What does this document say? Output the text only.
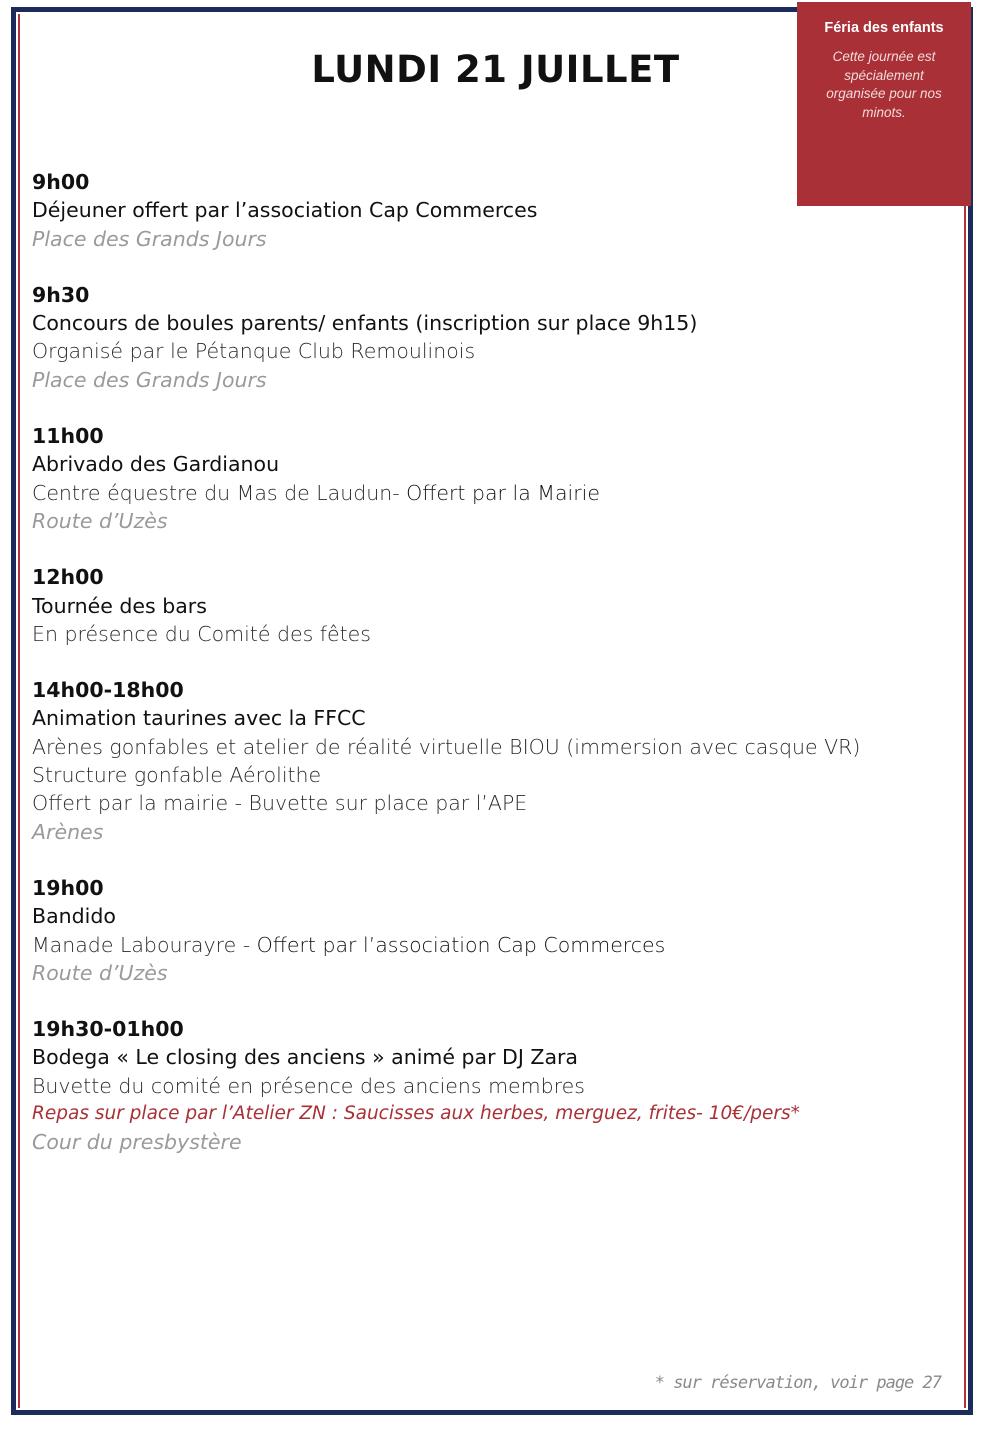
LUNDI 21 JUILLET

Féria des enfants

Cette journée est spécialement organisée pour nos minots.

9h00
Déjeuner offert par l’association Cap Commerces
Place des Grands Jours
9h30
Concours de boules parents/ enfants (inscription sur place 9h15)
Organisé par le Pétanque Club Remoulinois
Place des Grands Jours
11h00
Abrivado des Gardianou
Centre équestre du Mas de Laudun- Offert par la Mairie
Route d’Uzès
12h00
Tournée des bars
En présence du Comité des fêtes
14h00-18h00
Animation taurines avec la FFCC
Arènes gonfables et atelier de réalité virtuelle BIOU (immersion avec casque VR)
Structure gonfable Aérolithe
Offert par la mairie - Buvette sur place par l’APE
Arènes
19h00
Bandido
Manade Labourayre - Offert par l’association Cap Commerces
Route d’Uzès
19h30-01h00
Bodega « Le closing des anciens » animé par DJ Zara
Buvette du comité en présence des anciens membres
Repas sur place par l’Atelier ZN : Saucisses aux herbes, merguez, frites- 10€/pers*
Cour du presbystère
* sur réservation, voir page 27
